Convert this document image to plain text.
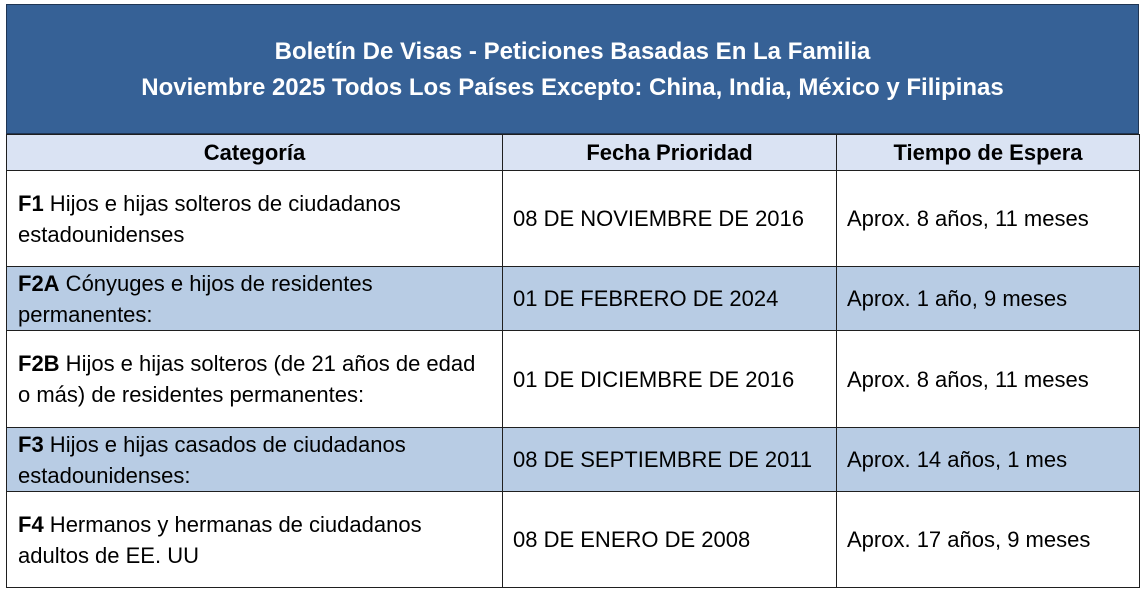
Boletín De Visas - Peticiones Basadas En La Familia
Noviembre 2025 Todos Los Países Excepto: China, India, México y Filipinas
Categoría	Fecha Prioridad	Tiempo de Espera
F1 Hijos e hijas solteros de ciudadanos estadounidenses	08 DE NOVIEMBRE DE 2016	Aprox. 8 años, 11 meses
F2A Cónyuges e hijos de residentes permanentes:	01 DE FEBRERO DE 2024	Aprox. 1 año, 9 meses
F2B Hijos e hijas solteros (de 21 años de edad o más) de residentes permanentes:	01 DE DICIEMBRE DE 2016	Aprox. 8 años, 11 meses
F3 Hijos e hijas casados de ciudadanos estadounidenses:	08 DE SEPTIEMBRE DE 2011	Aprox. 14 años, 1 mes
F4 Hermanos y hermanas de ciudadanos adultos de EE. UU	08 DE ENERO DE 2008	Aprox. 17 años, 9 meses
